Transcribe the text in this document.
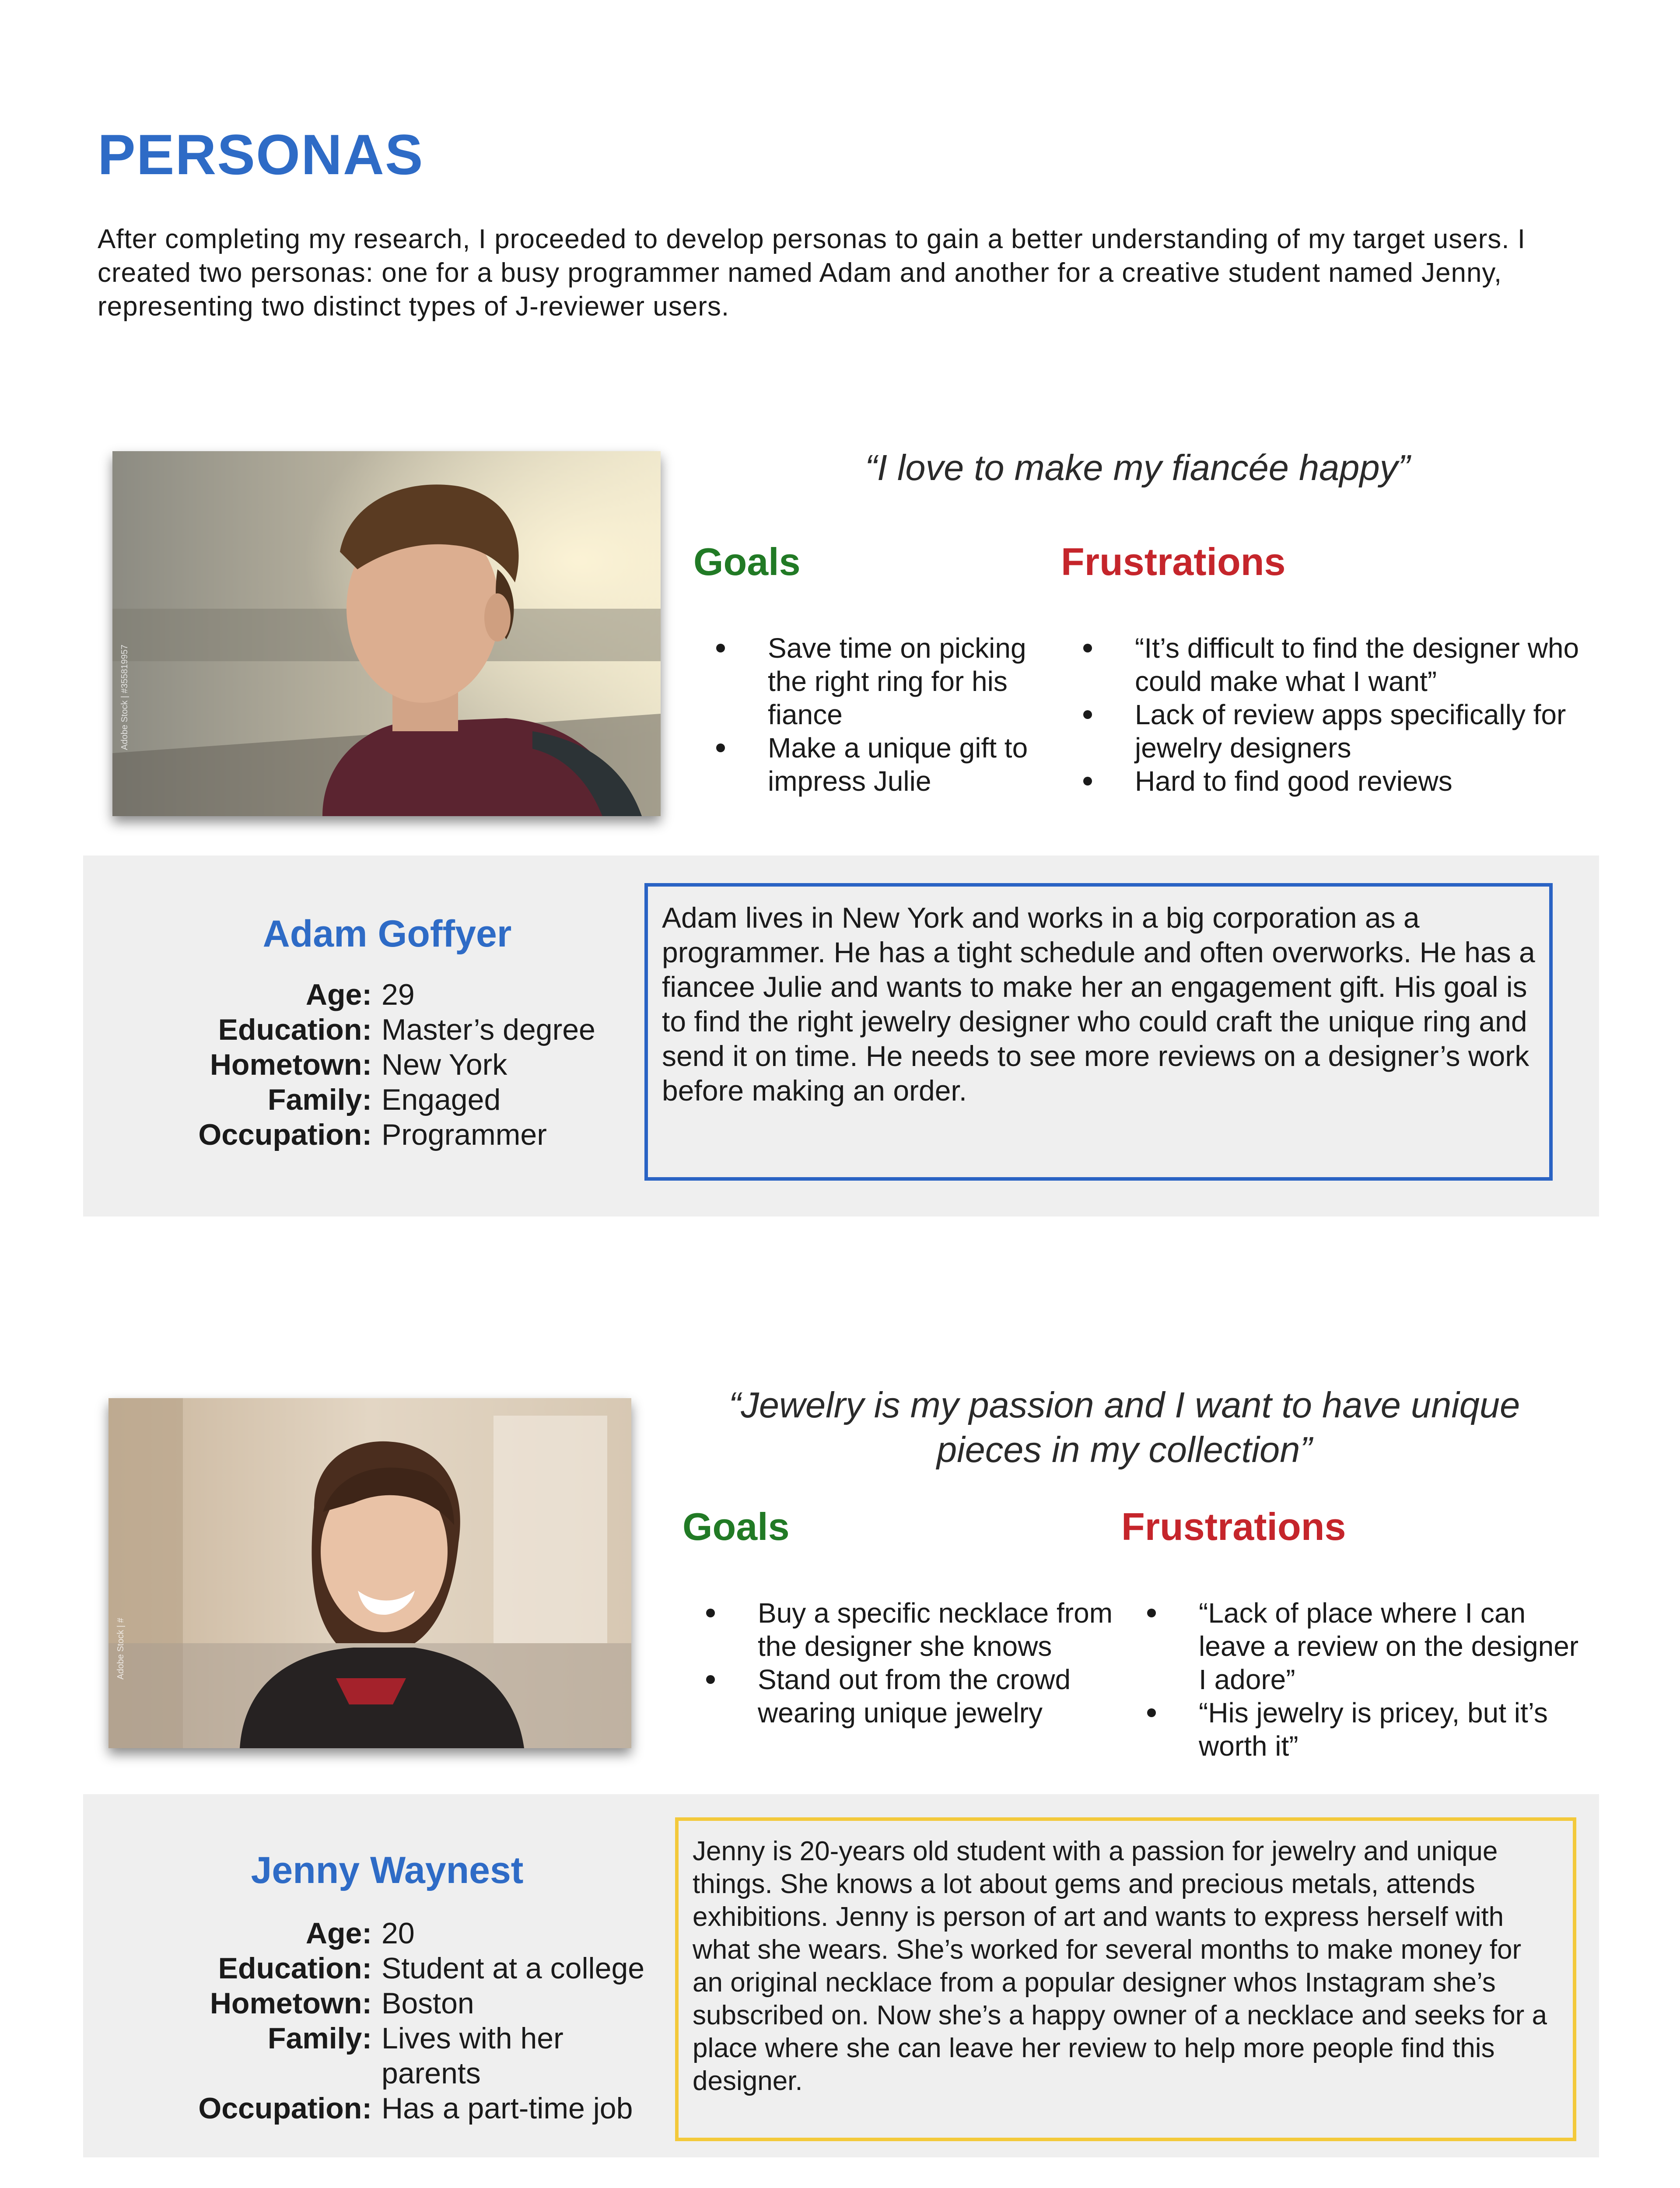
PERSONAS

After completing my research, I proceeded to develop personas to gain a better understanding of my target users. I created two personas: one for a busy programmer named Adam and another for a creative student named Jenny, representing two distinct types of J-reviewer users.

Adobe Stock | #355819957

“I love to make my fiancée happy”

Goals	Frustrations
Save time on picking the right ring for his fiance
Make a unique gift to impress Julie
“It’s difficult to find the designer who could make what I want”
Lack of review apps specifically for jewelry designers
Hard to find good reviews
Adam Goffyer
Age: 29
Education: Master’s degree
Hometown: New York
Family: Engaged
Occupation: Programmer
Adam lives in New York and works in a big corporation as a programmer. He has a tight schedule and often overworks. He has a fiancee Julie and wants to make her an engagement gift. His goal is to find the right jewelry designer who could craft the unique ring and send it on time. He needs to see more reviews on a designer’s work before making an order.
Adobe Stock | #

“Jewelry is my passion and I want to have unique pieces in my collection”

Goals	Frustrations
Buy a specific necklace from the designer she knows
Stand out from the crowd wearing unique jewelry
“Lack of place where I can leave a review on the designer I adore”
“His jewelry is pricey, but it’s worth it”
Jenny Waynest
Age: 20
Education: Student at a college
Hometown: Boston
Family: Lives with her parents
Occupation: Has a part-time job
Jenny is 20-years old student with a passion for jewelry and unique things. She knows a lot about gems and precious metals, attends exhibitions. Jenny is person of art and wants to express herself with what she wears. She’s worked for several months to make money for an original necklace from a popular designer whos Instagram she’s subscribed on. Now she’s a happy owner of a necklace and seeks for a place where she can leave her review to help more people find this designer.
